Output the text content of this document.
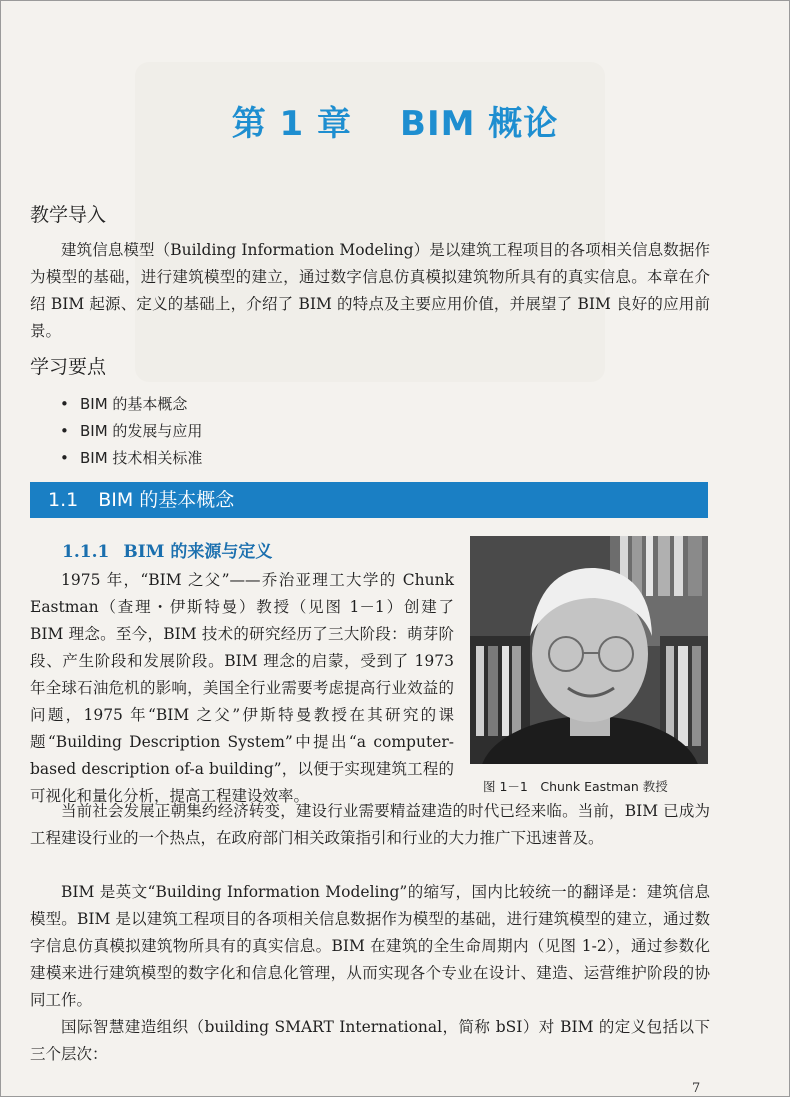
第 1 章 BIM 概论
教学导入

建筑信息模型（Building Information Modeling）是以建筑工程项目的各项相关信息数据作为模型的基础，进行建筑模型的建立，通过数字信息仿真模拟建筑物所具有的真实信息。本章在介绍 BIM 起源、定义的基础上，介绍了 BIM 的特点及主要应用价值，并展望了 BIM 良好的应用前景。

学习要点
• BIM 的基本概念
• BIM 的发展与应用
• BIM 技术相关标准
1.1 BIM 的基本概念
1.1.1 BIM 的来源与定义
图 1－1　Chunk Eastman 教授

1975 年，“BIM 之父”——乔治亚理工大学的 Chunk Eastman（查理・伊斯特曼）教授（见图 1－1）创建了 BIM 理念。至今，BIM 技术的研究经历了三大阶段：萌芽阶段、产生阶段和发展阶段。BIM 理念的启蒙，受到了 1973 年全球石油危机的影响，美国全行业需要考虑提高行业效益的问题，1975 年“BIM 之父”伊斯特曼教授在其研究的课题“Building Description System”中提出“a computer-based description of-a building”，以便于实现建筑工程的可视化和量化分析，提高工程建设效率。

当前社会发展正朝集约经济转变，建设行业需要精益建造的时代已经来临。当前，BIM 已成为工程建设行业的一个热点，在政府部门相关政策指引和行业的大力推广下迅速普及。

BIM 是英文“Building Information Modeling”的缩写，国内比较统一的翻译是：建筑信息模型。BIM 是以建筑工程项目的各项相关信息数据作为模型的基础，进行建筑模型的建立，通过数字信息仿真模拟建筑物所具有的真实信息。BIM 在建筑的全生命周期内（见图 1-2），通过参数化建模来进行建筑模型的数字化和信息化管理，从而实现各个专业在设计、建造、运营维护阶段的协同工作。

国际智慧建造组织（building SMART International，简称 bSI）对 BIM 的定义包括以下三个层次：

7
